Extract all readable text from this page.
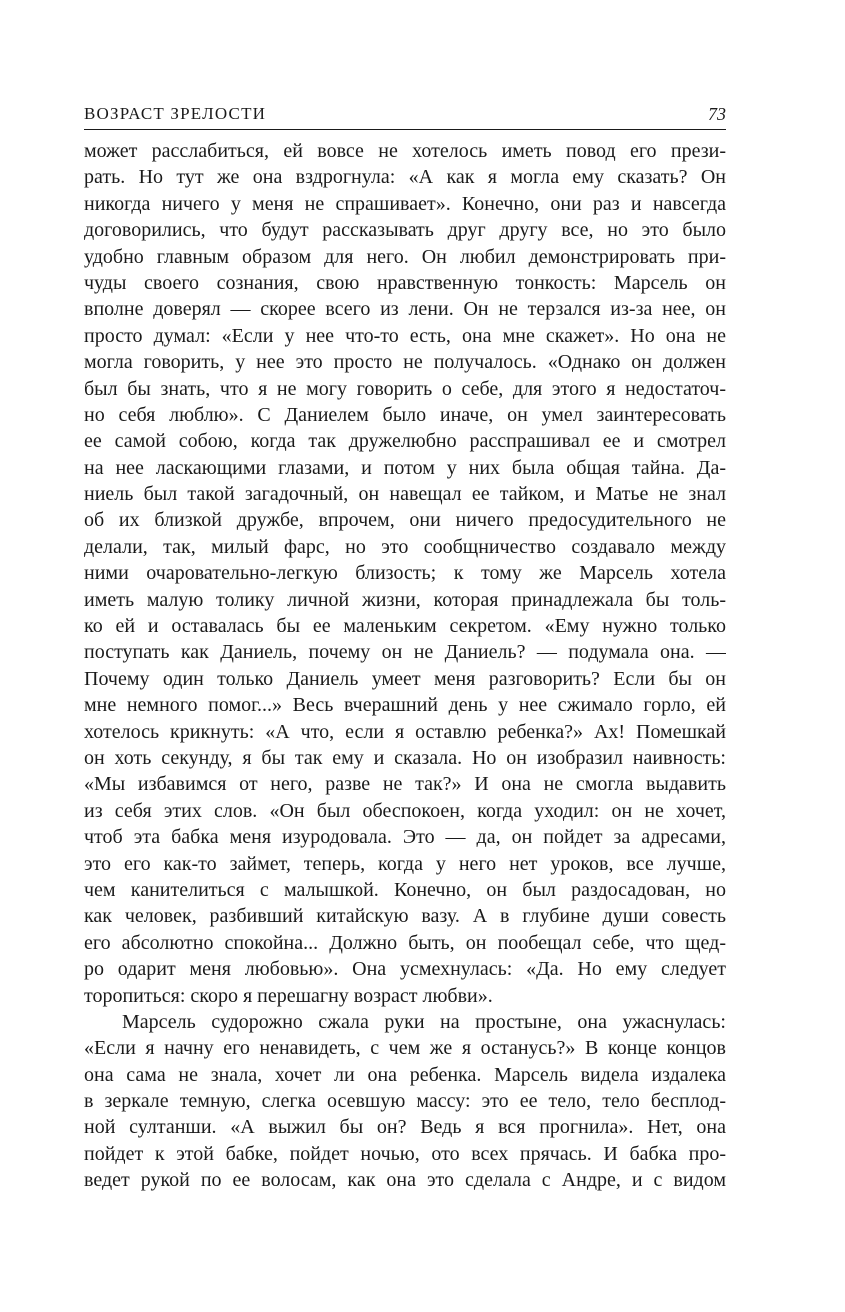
ВОЗРАСТ ЗРЕЛОСТИ	73
может расслабиться, ей вовсе не хотелось иметь повод его прези-
рать. Но тут же она вздрогнула: «А как я могла ему сказать? Он
никогда ничего у меня не спрашивает». Конечно, они раз и навсегда
договорились, что будут рассказывать друг другу все, но это было
удобно главным образом для него. Он любил демонстрировать при-
чуды своего сознания, свою нравственную тонкость: Марсель он
вполне доверял — скорее всего из лени. Он не терзался из-за нее, он
просто думал: «Если у нее что-то есть, она мне скажет». Но она не
могла говорить, у нее это просто не получалось. «Однако он должен
был бы знать, что я не могу говорить о себе, для этого я недостаточ-
но себя люблю». С Даниелем было иначе, он умел заинтересовать
ее самой собою, когда так дружелюбно расспрашивал ее и смотрел
на нее ласкающими глазами, и потом у них была общая тайна. Да-
ниель был такой загадочный, он навещал ее тайком, и Матье не знал
об их близкой дружбе, впрочем, они ничего предосудительного не
делали, так, милый фарс, но это сообщничество создавало между
ними очаровательно-легкую близость; к тому же Марсель хотела
иметь малую толику личной жизни, которая принадлежала бы толь-
ко ей и оставалась бы ее маленьким секретом. «Ему нужно только
поступать как Даниель, почему он не Даниель? — подумала она. —
Почему один только Даниель умеет меня разговорить? Если бы он
мне немного помог...» Весь вчерашний день у нее сжимало горло, ей
хотелось крикнуть: «А что, если я оставлю ребенка?» Ах! Помешкай
он хоть секунду, я бы так ему и сказала. Но он изобразил наивность:
«Мы избавимся от него, разве не так?» И она не смогла выдавить
из себя этих слов. «Он был обеспокоен, когда уходил: он не хочет,
чтоб эта бабка меня изуродовала. Это — да, он пойдет за адресами,
это его как-то займет, теперь, когда у него нет уроков, все лучше,
чем канителиться с малышкой. Конечно, он был раздосадован, но
как человек, разбивший китайскую вазу. А в глубине души совесть
его абсолютно спокойна... Должно быть, он пообещал себе, что щед-
ро одарит меня любовью». Она усмехнулась: «Да. Но ему следует
торопиться: скоро я перешагну возраст любви».
Марсель судорожно сжала руки на простыне, она ужаснулась:
«Если я начну его ненавидеть, с чем же я останусь?» В конце концов
она сама не знала, хочет ли она ребенка. Марсель видела издалека
в зеркале темную, слегка осевшую массу: это ее тело, тело бесплод-
ной султанши. «А выжил бы он? Ведь я вся прогнила». Нет, она
пойдет к этой бабке, пойдет ночью, ото всех прячась. И бабка про-
ведет рукой по ее волосам, как она это сделала с Андре, и с видом
